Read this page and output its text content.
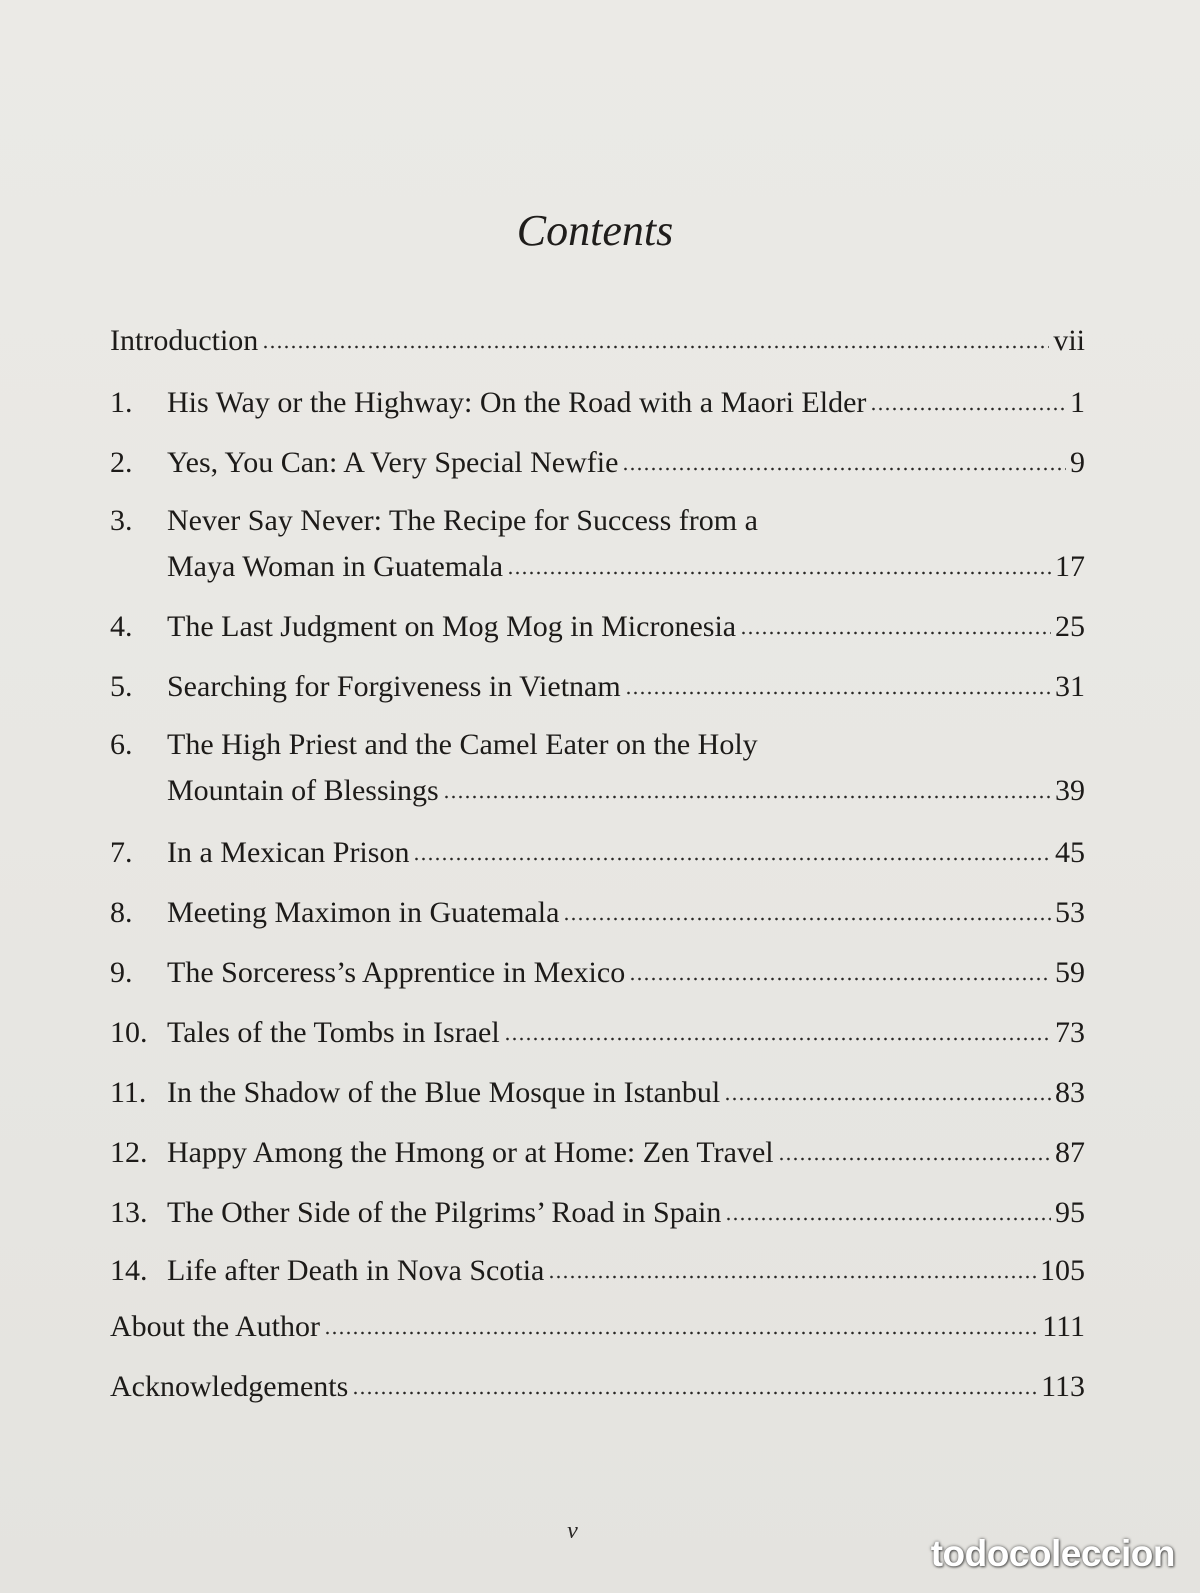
Contents
Introduction	vii
1.	His Way or the Highway: On the Road with a Maori Elder	1
2.	Yes, You Can: A Very Special Newfie	9
3.	Never Say Never: The Recipe for Success from a
Maya Woman in Guatemala	17
4.	The Last Judgment on Mog Mog in Micronesia	25
5.	Searching for Forgiveness in Vietnam	31
6.	The High Priest and the Camel Eater on the Holy
Mountain of Blessings	39
7.	In a Mexican Prison	45
8.	Meeting Maximon in Guatemala	53
9.	The Sorceress’s Apprentice in Mexico	59
10. Tales of the Tombs in Israel	73
11. In the Shadow of the Blue Mosque in Istanbul	83
12. Happy Among the Hmong or at Home: Zen Travel	87
13. The Other Side of the Pilgrims’ Road in Spain	95
14. Life after Death in Nova Scotia	105
About the Author	111
Acknowledgements	113
v
todocoleccion
